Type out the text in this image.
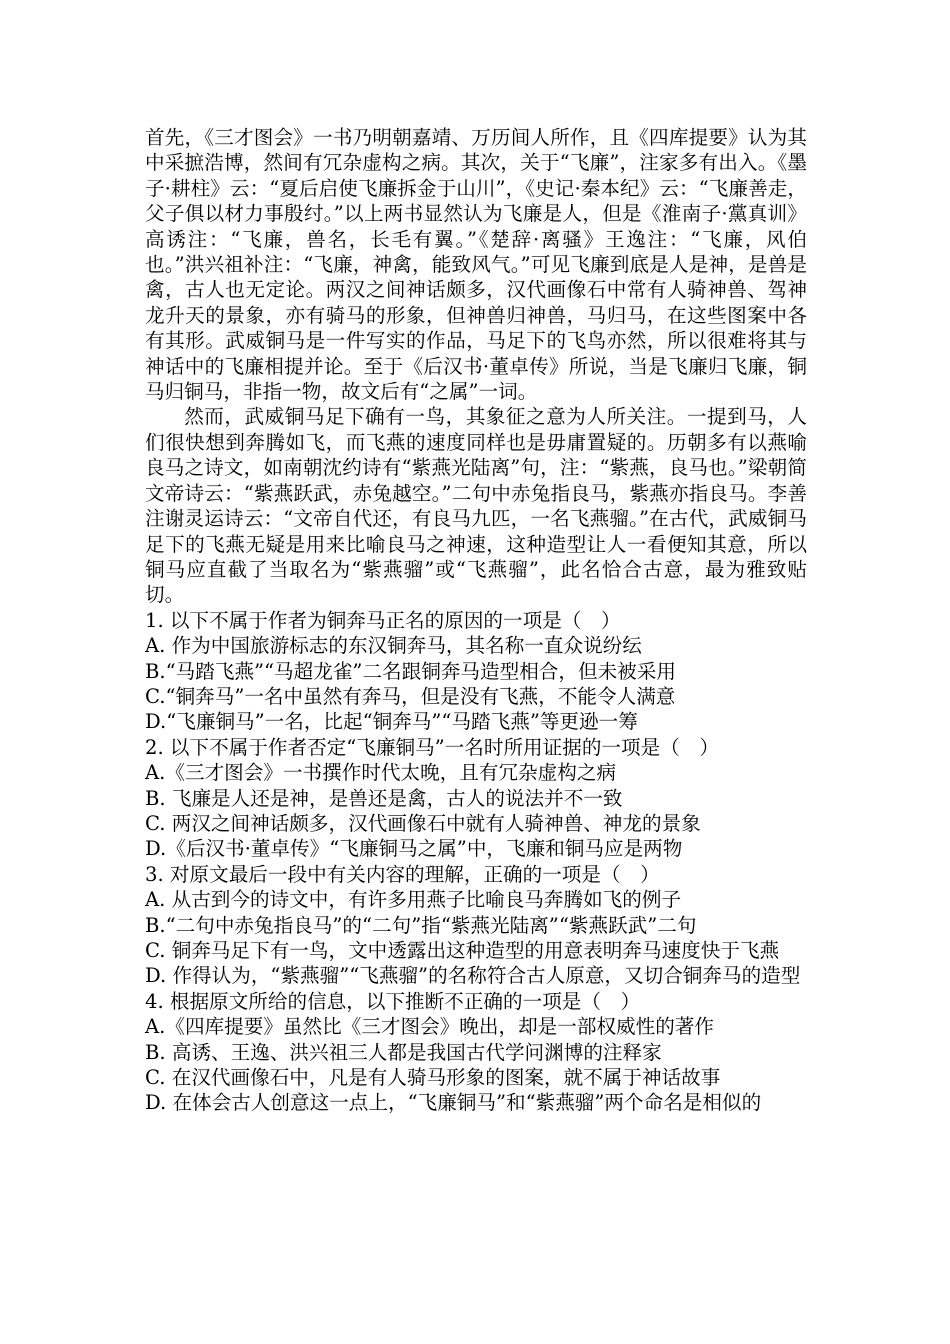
首先，《三才图会》一书乃明朝嘉靖、万历间人所作，且《四库提要》认为其中采摭浩博，然间有冗杂虚构之病。其次，关于“飞廉”，注家多有出入。《墨子·耕柱》云：“夏后启使飞廉拆金于山川”，《史记·秦本纪》云：“飞廉善走，父子俱以材力事殷纣。”以上两书显然认为飞廉是人，但是《淮南子·黨真训》高诱注：“飞廉，兽名，长毛有翼。”《楚辞·离骚》王逸注：“飞廉，风伯也。”洪兴祖补注：“飞廉，神禽，能致风气。”可见飞廉到底是人是神，是兽是禽，古人也无定论。两汉之间神话颇多，汉代画像石中常有人骑神兽、驾神龙升天的景象，亦有骑马的形象，但神兽归神兽，马归马，在这些图案中各有其形。武威铜马是一件写实的作品，马足下的飞鸟亦然，所以很难将其与神话中的飞廉相提并论。至于《后汉书·董卓传》所说，当是飞廉归飞廉，铜马归铜马，非指一物，故文后有“之属”一词。

然而，武威铜马足下确有一鸟，其象征之意为人所关注。一提到马，人们很快想到奔腾如飞，而飞燕的速度同样也是毋庸置疑的。历朝多有以燕喻良马之诗文，如南朝沈约诗有“紫燕光陆离”句，注：“紫燕，良马也。”梁朝简文帝诗云：“紫燕跃武，赤兔越空。”二句中赤兔指良马，紫燕亦指良马。李善注谢灵运诗云：“文帝自代还，有良马九匹，一名飞燕骝。”在古代，武威铜马足下的飞燕无疑是用来比喻良马之神速，这种造型让人一看便知其意，所以铜马应直截了当取名为“紫燕骝”或“飞燕骝”，此名恰合古意，最为雅致贴切。

1. 以下不属于作者为铜奔马正名的原因的一项是（　）

A. 作为中国旅游标志的东汉铜奔马，其名称一直众说纷纭

B.“马踏飞燕”“马超龙雀”二名跟铜奔马造型相合，但未被采用

C.“铜奔马”一名中虽然有奔马，但是没有飞燕，不能令人满意

D.“飞廉铜马”一名，比起“铜奔马”“马踏飞燕”等更逊一筹

2. 以下不属于作者否定“飞廉铜马”一名时所用证据的一项是（　）

A.《三才图会》一书撰作时代太晚，且有冗杂虚构之病

B. 飞廉是人还是神，是兽还是禽，古人的说法并不一致

C. 两汉之间神话颇多，汉代画像石中就有人骑神兽、神龙的景象

D.《后汉书·董卓传》“飞廉铜马之属”中，飞廉和铜马应是两物

3. 对原文最后一段中有关内容的理解，正确的一项是（　）

A. 从古到今的诗文中，有许多用燕子比喻良马奔腾如飞的例子

B.“二句中赤兔指良马”的“二句”指“紫燕光陆离”“紫燕跃武”二句

C. 铜奔马足下有一鸟，文中透露出这种造型的用意表明奔马速度快于飞燕

D. 作得认为，“紫燕骝”“飞燕骝”的名称符合古人原意，又切合铜奔马的造型

4. 根据原文所给的信息，以下推断不正确的一项是（　）

A.《四库提要》虽然比《三才图会》晚出，却是一部权威性的著作

B. 高诱、王逸、洪兴祖三人都是我国古代学问渊博的注释家

C. 在汉代画像石中，凡是有人骑马形象的图案，就不属于神话故事

D. 在体会古人创意这一点上，“飞廉铜马”和“紫燕骝”两个命名是相似的
